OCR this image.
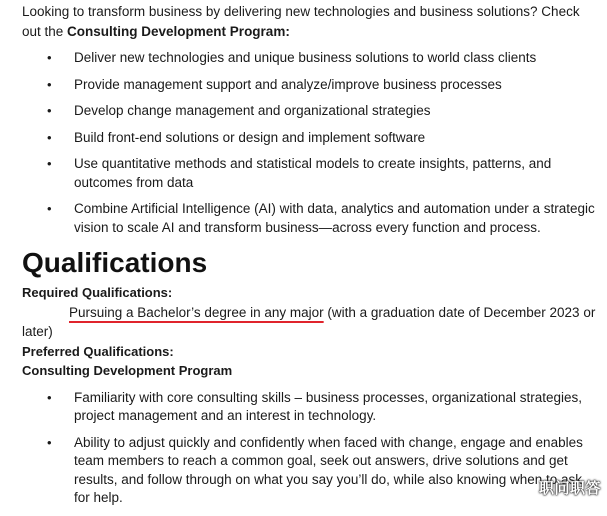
Looking to transform business by delivering new technologies and business solutions? Check out the Consulting Development Program:

• Deliver new technologies and unique business solutions to world class clients
• Provide management support and analyze/improve business processes
• Develop change management and organizational strategies
• Build front-end solutions or design and implement software
• Use quantitative methods and statistical models to create insights, patterns, and outcomes from data
• Combine Artificial Intelligence (AI) with data, analytics and automation under a strategic vision to scale AI and transform business—across every function and process.
Qualifications

Required Qualifications:

Pursuing a Bachelor’s degree in any major (with a graduation date of December 2023 or later)

Preferred Qualifications:

Consulting Development Program

• Familiarity with core consulting skills – business processes, organizational strategies, project management and an interest in technology.
• Ability to adjust quickly and confidently when faced with change, engage and enables team members to reach a common goal, seek out answers, drive solutions and get results, and follow through on what you say you’ll do, while also knowing when to ask for help.
职问职答
